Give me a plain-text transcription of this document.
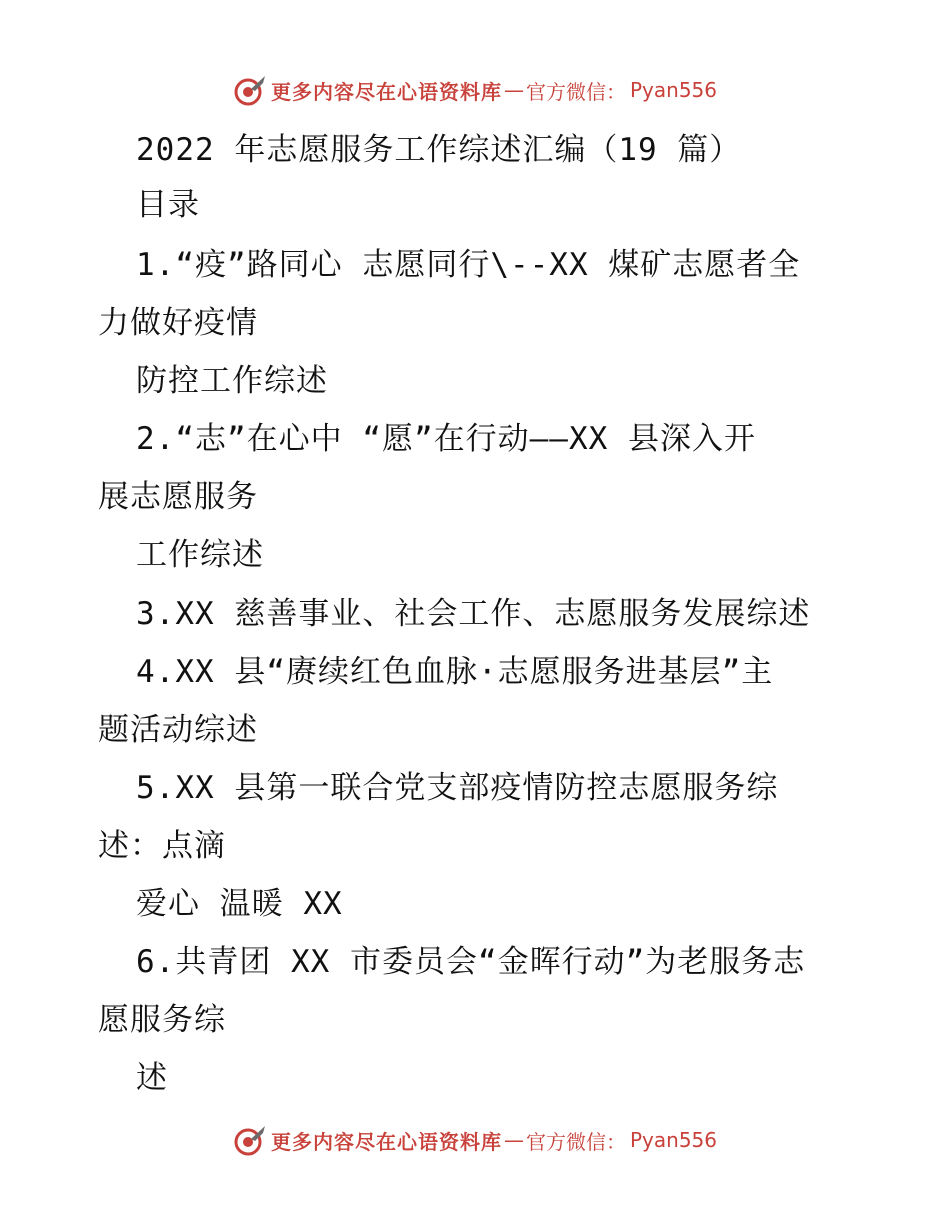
更多内容尽在心语资料库 — 官方微信： Pyan556
2022 年志愿服务工作综述汇编（19 篇）
目录
1.“疫”路同心 志愿同行\--XX 煤矿志愿者全
力做好疫情
防控工作综述
2.“志”在心中 “愿”在行动——XX 县深入开
展志愿服务
工作综述
3.XX 慈善事业、社会工作、志愿服务发展综述
4.XX 县“赓续红色血脉·志愿服务进基层”主
题活动综述
5.XX 县第一联合党支部疫情防控志愿服务综
述：点滴
爱心 温暖 XX
6.共青团 XX 市委员会“金晖行动”为老服务志
愿服务综
述
更多内容尽在心语资料库 — 官方微信： Pyan556
